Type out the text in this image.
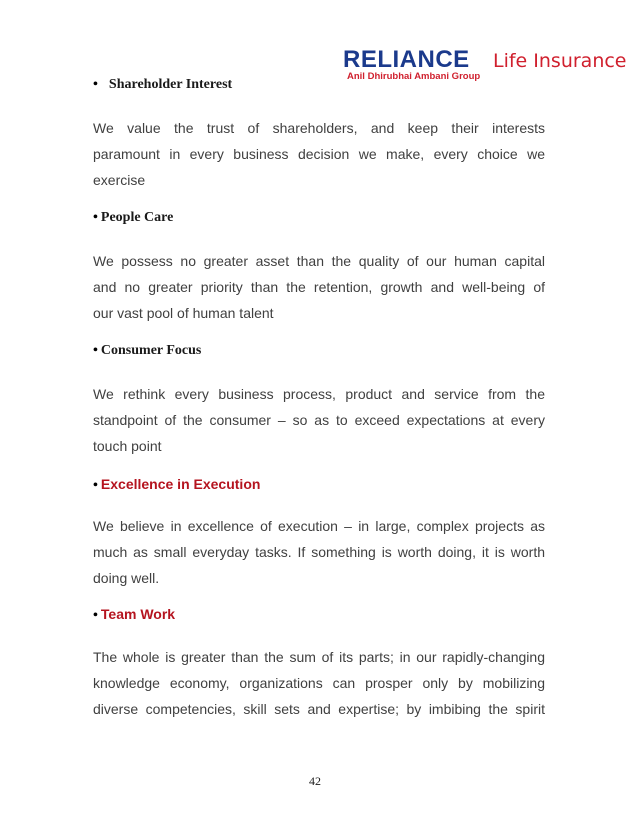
RELIANCE Life Insurance
Anil Dhirubhai Ambani Group
• Shareholder Interest
We value the trust of shareholders, and keep their interests
paramount in every business decision we make, every choice we
exercise
• People Care
We possess no greater asset than the quality of our human capital
and no greater priority than the retention, growth and well-being of
our vast pool of human talent
• Consumer Focus
We rethink every business process, product and service from the
standpoint of the consumer – so as to exceed expectations at every
touch point
• Excellence in Execution
We believe in excellence of execution – in large, complex projects as
much as small everyday tasks. If something is worth doing, it is worth
doing well.
• Team Work
The whole is greater than the sum of its parts; in our rapidly-changing
knowledge economy, organizations can prosper only by mobilizing
diverse competencies, skill sets and expertise; by imbibing the spirit
42
